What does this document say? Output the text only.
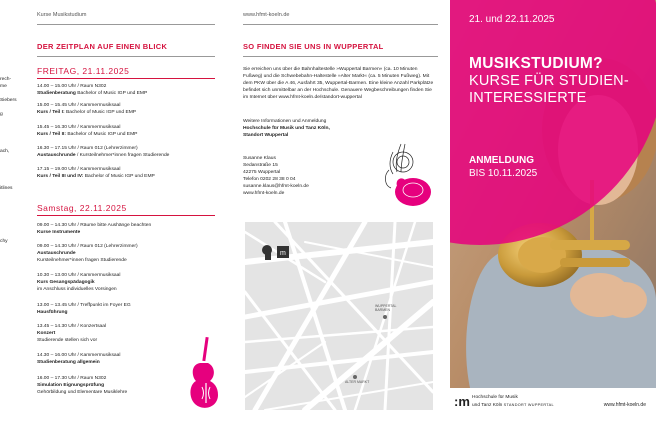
Kurse Musikstudium
rech-
me
Siebers
g
ach,
itlines
chy
DER ZEITPLAN AUF EINEN BLICK
FREITAG, 21.11.2025
14.00 – 15.00 Uhr / Raum N302
Studienberatung Bachelor of Music IGP und EMP
15.00 – 15.45 Uhr / Kammermusiksaal
Kurs / Teil I: Bachelor of Music IGP und EMP
15.45 – 16.30 Uhr / Kammermusiksaal
Kurs / Teil II: Bachelor of Music IGP und EMP
16.30 – 17.15 Uhr / Raum 012 (Lehrerzimmer)
Austauschrunde / Kursteilnehmer*innen fragen Studierende
17.15 – 19.00 Uhr / Kammermusiksaal
Kurs / Teil III und IV: Bachelor of Music IGP und EMP
Samstag, 22.11.2025
09.00 – 14.30 Uhr / Räume bitte Aushänge beachten
Kurse Instrumente
09.00 – 14.30 Uhr / Raum 012 (Lehrerzimmer)
Austauschrunde
Kursteilnehmer*innen fragen Studierende
10.30 – 13.00 Uhr / Kammermusiksaal
Kurs Gesangspädagogik
im Anschluss individuelles Vorsingen
13.00 – 13.45 Uhr / Treffpunkt im Foyer EG
Hausführung
13.45 – 14.30 Uhr / Konzertsaal
Konzert
Studierende stellen sich vor
14.30 – 16.00 Uhr / Kammermusiksaal
Studienberatung allgemein
16.00 – 17.30 Uhr / Raum N302
Simulation Eignungsprüfung
Gehörbildung und Elementare Musiklehre
www.hfmt-koeln.de
SO FINDEN SIE UNS IN WUPPERTAL
Sie erreichen uns über die Bahnhaltestelle »Wuppertal Barmen« (ca. 10 Minuten Fußweg) und die Schwebebahn-Haltestelle »Alter Markt« (ca. 5 Minuten Fußweg). Mit dem PKW über die A 46, Ausfahrt 35, Wuppertal-Barmen. Eine kleine Anzahl Parkplätze befindet sich unmittelbar an der Hochschule. Genauere Wegbeschreibungen finden Sie im Internet über www.hfmt-koeln.de/standort-wuppertal
Weitere Informationen und Anmeldung
Hochschule für Musik und Tanz Köln,
Standort Wuppertal
Susanne Klaus
Sedanstraße 15
42275 Wuppertal
Telefon 0202 28 38 0 04
susanne.klaus@hfmt-koeln.de
www.hfmt-koeln.de
m
WUPPERTAL BARMEN
ALTER MARKT
21. und 22.11.2025
MUSIKSTUDIUM?
KURSE FÜR STUDIEN-
INTERESSIERTE
ANMELDUNG
BIS 10.11.2025
:m Hochschule für Musik
und Tanz Köln STANDORT WUPPERTAL	www.hfmt-koeln.de
